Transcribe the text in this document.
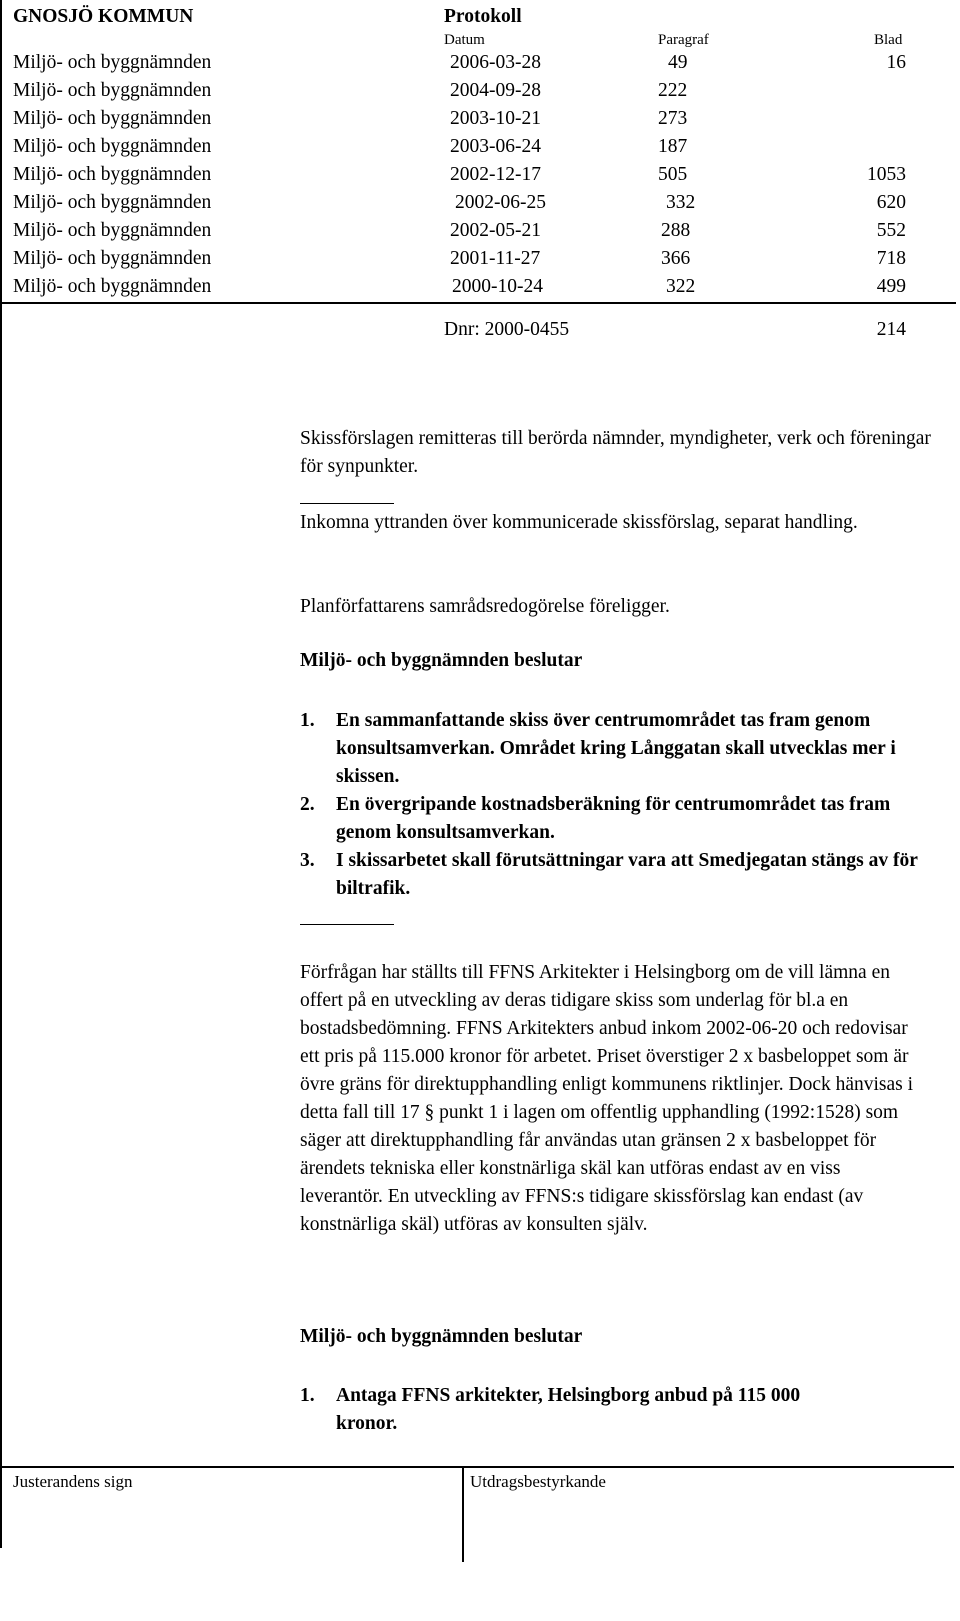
GNOSJÖ KOMMUN	Protokoll
Datum	Paragraf	Blad
Miljö- och byggnämnden	2006-03-28	49	16
Miljö- och byggnämnden	2004-09-28	222
Miljö- och byggnämnden	2003-10-21	273
Miljö- och byggnämnden	2003-06-24	187
Miljö- och byggnämnden	2002-12-17	505	1053
Miljö- och byggnämnden	2002-06-25	332	620
Miljö- och byggnämnden	2002-05-21	288	552
Miljö- och byggnämnden	2001-11-27	366	718
Miljö- och byggnämnden	2000-10-24	322	499
Dnr: 2000-0455	214

Skissförslagen remitteras till berörda nämnder, myndigheter, verk och föreningar för synpunkter.

Inkomna yttranden över kommunicerade skissförslag, separat handling.

Planförfattarens samrådsredogörelse föreligger.

Miljö- och byggnämnden beslutar
1. En sammanfattande skiss över centrumområdet tas fram genom konsultsamverkan. Området kring Långgatan skall utvecklas mer i skissen.
2. En övergripande kostnadsberäkning för centrumområdet tas fram genom konsultsamverkan.
3. I skissarbetet skall förutsättningar vara att Smedjegatan stängs av för biltrafik.

Förfrågan har ställts till FFNS Arkitekter i Helsingborg om de vill lämna en offert på en utveckling av deras tidigare skiss som underlag för bl.a en bostadsbedömning. FFNS Arkitekters anbud inkom 2002-06-20 och redovisar ett pris på 115.000 kronor för arbetet. Priset överstiger 2 x basbeloppet som är övre gräns för direktupphandling enligt kommunens riktlinjer. Dock hänvisas i detta fall till 17 § punkt 1 i lagen om offentlig upphandling (1992:1528) som säger att direktupphandling får användas utan gränsen 2 x basbeloppet för ärendets tekniska eller konstnärliga skäl kan utföras endast av en viss leverantör. En utveckling av FFNS:s tidigare skissförslag kan endast (av konstnärliga skäl) utföras av konsulten själv.

Miljö- och byggnämnden beslutar
1. Antaga FFNS arkitekter, Helsingborg anbud på 115 000 kronor.
Justerandens sign	Utdragsbestyrkande
